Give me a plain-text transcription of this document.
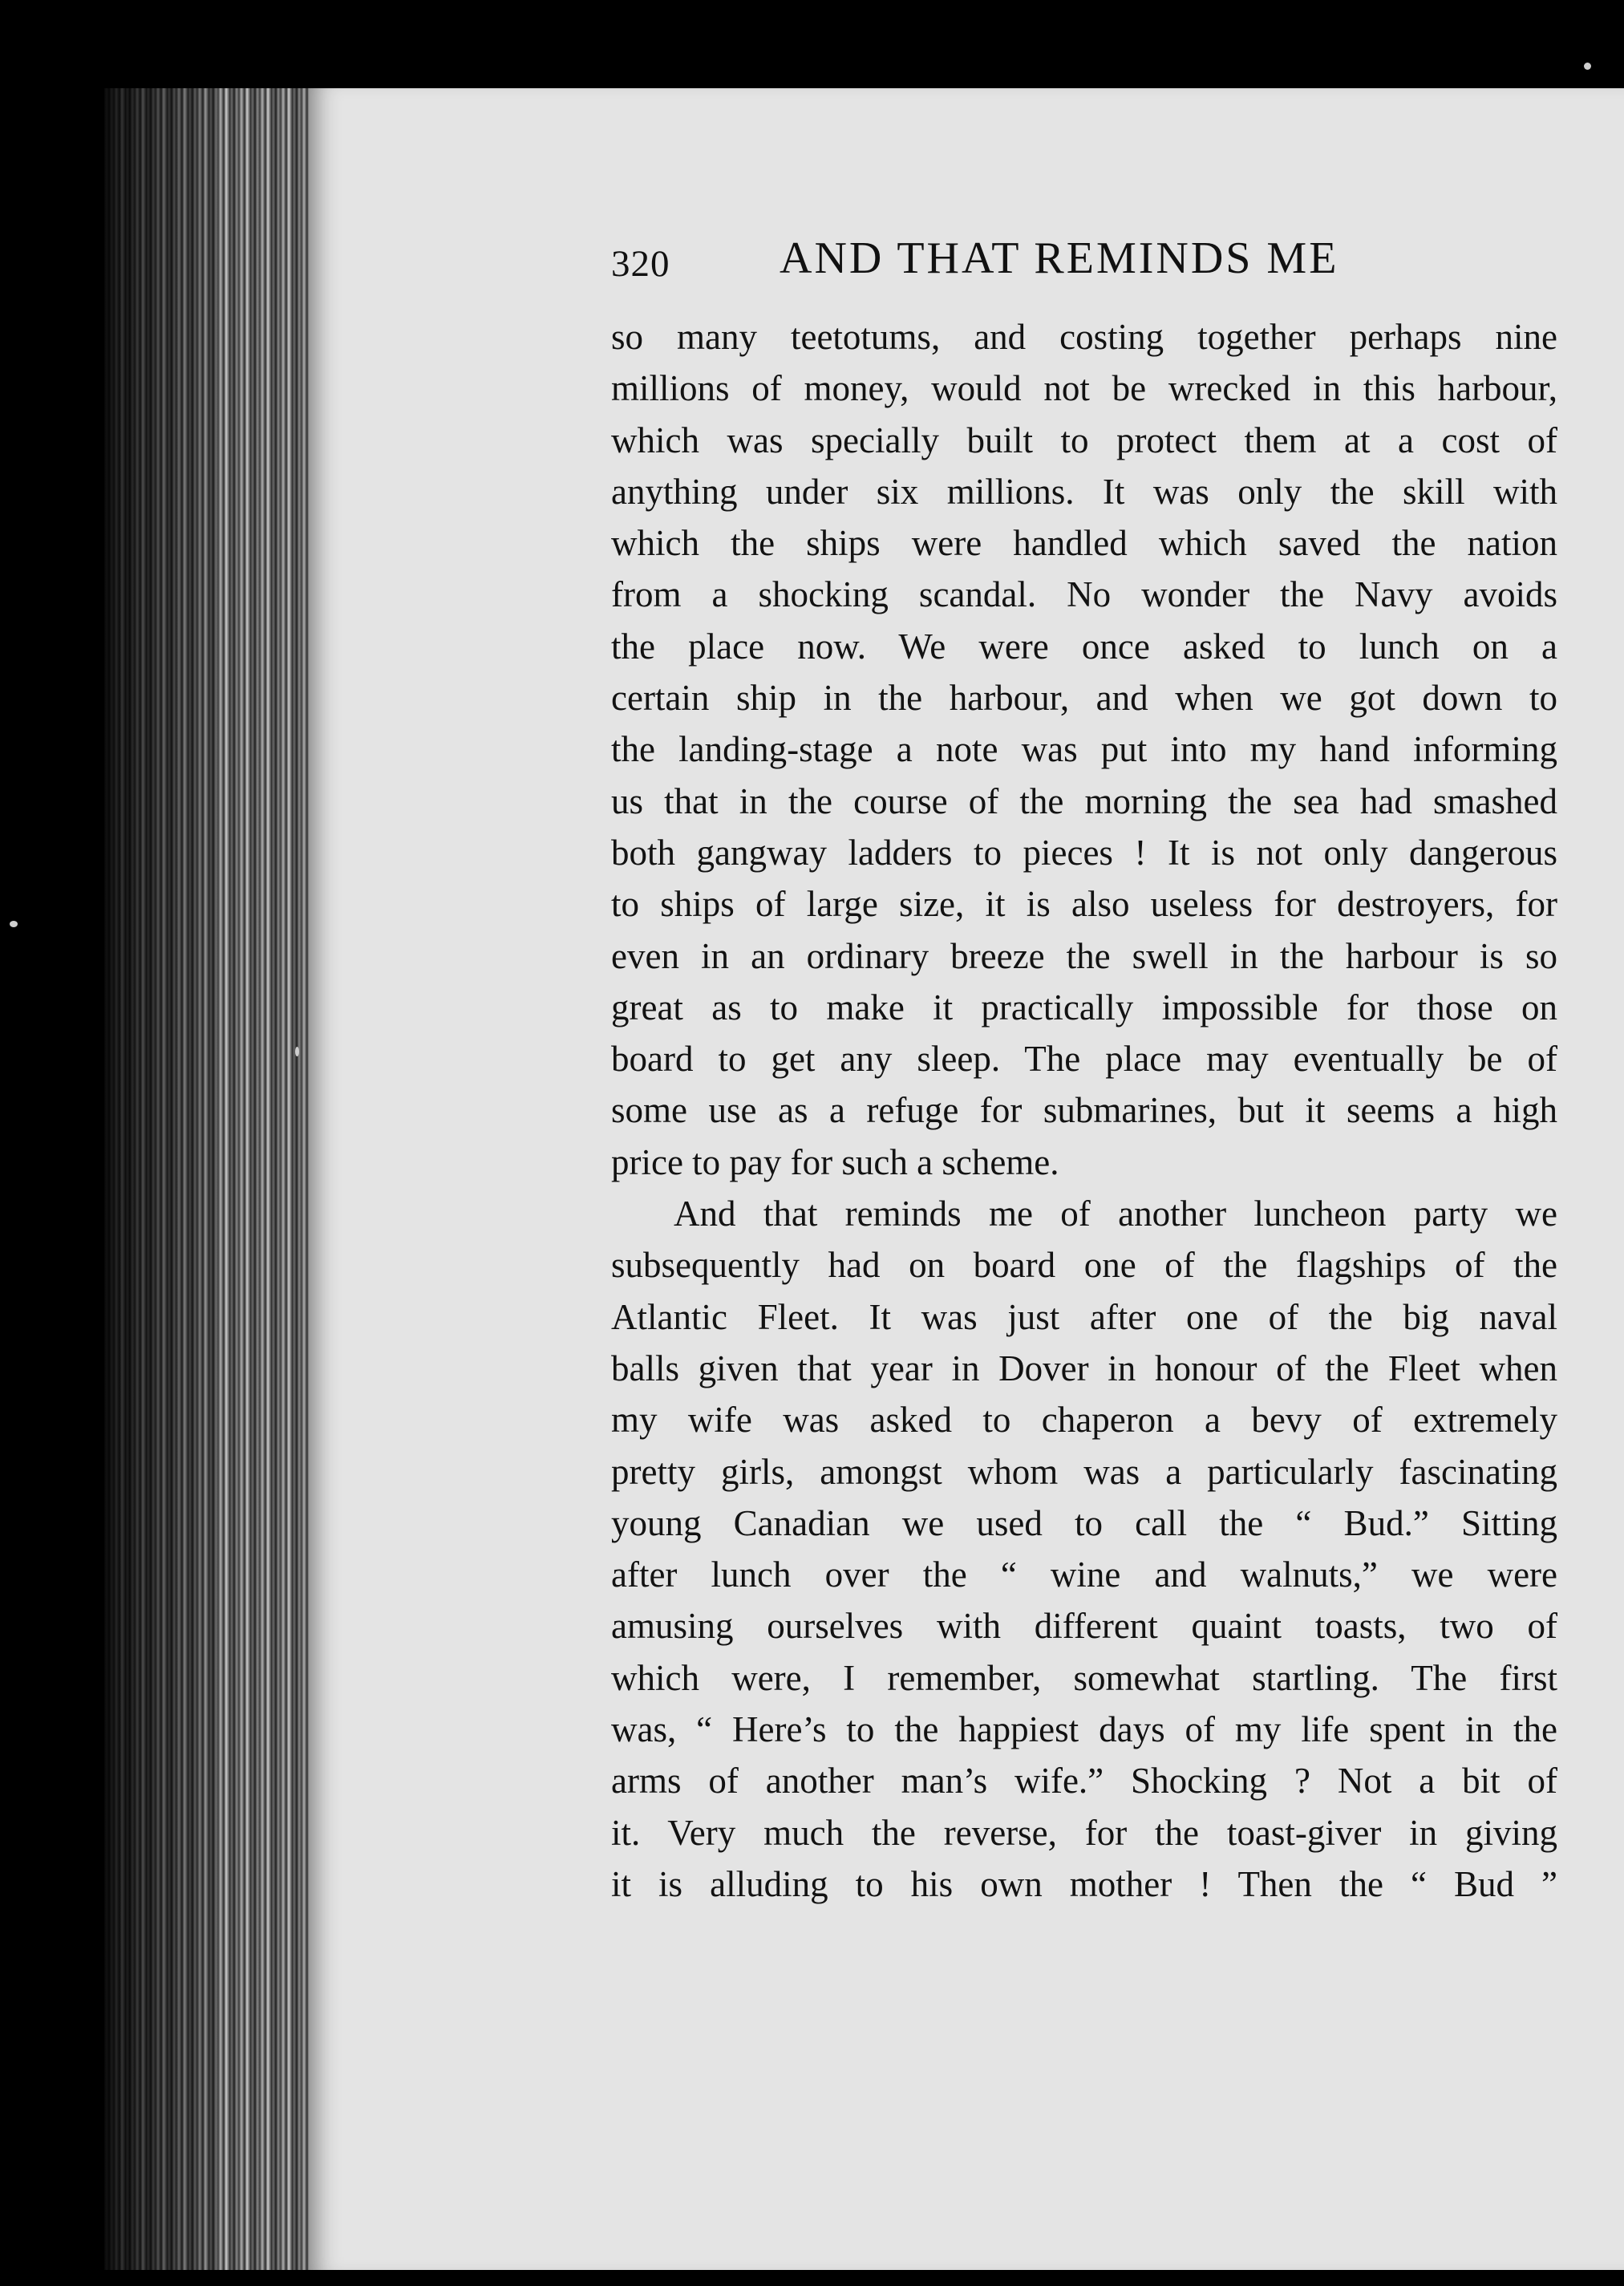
320 AND THAT REMINDS ME
so many teetotums, and costing together perhaps nine
millions of money, would not be wrecked in this harbour,
which was specially built to protect them at a cost of
anything under six millions. It was only the skill with
which the ships were handled which saved the nation
from a shocking scandal. No wonder the Navy avoids
the place now. We were once asked to lunch on a
certain ship in the harbour, and when we got down to
the landing-stage a note was put into my hand informing
us that in the course of the morning the sea had smashed
both gangway ladders to pieces ! It is not only dangerous
to ships of large size, it is also useless for destroyers, for
even in an ordinary breeze the swell in the harbour is so
great as to make it practically impossible for those on
board to get any sleep. The place may eventually be of
some use as a refuge for submarines, but it seems a high
price to pay for such a scheme.
And that reminds me of another luncheon party we
subsequently had on board one of the flagships of the
Atlantic Fleet. It was just after one of the big naval
balls given that year in Dover in honour of the Fleet when
my wife was asked to chaperon a bevy of extremely
pretty girls, amongst whom was a particularly fascinating
young Canadian we used to call the “ Bud.” Sitting
after lunch over the “ wine and walnuts,” we were
amusing ourselves with different quaint toasts, two of
which were, I remember, somewhat startling. The first
was, “ Here’s to the happiest days of my life spent in the
arms of another man’s wife.” Shocking ? Not a bit of
it. Very much the reverse, for the toast-giver in giving
it is alluding to his own mother ! Then the “ Bud ”
